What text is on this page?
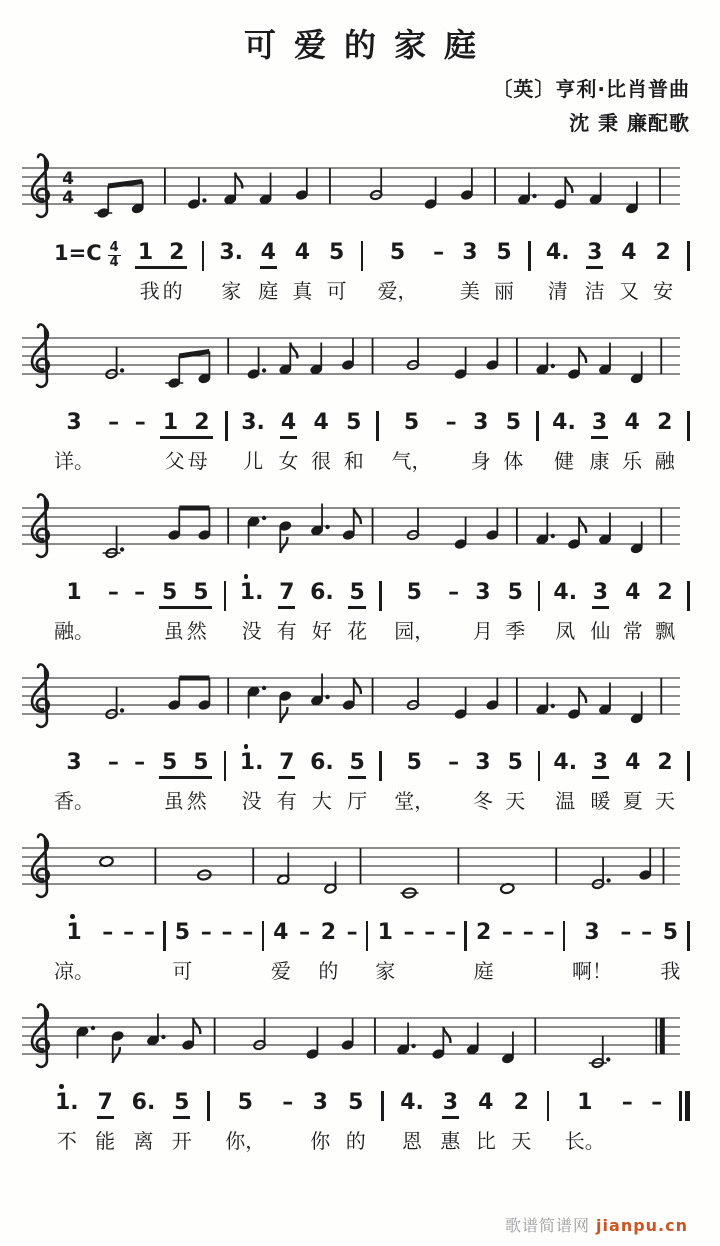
可爱的家庭
〔英〕亨利·比肖普曲
沈 秉 廉配歌
4
4
1=C 4
4
1 2
我 的
3.
家
4
庭
4
真
5
可
5
爱，
–
3
美
5
丽
4.
清
3
洁
4
又
2
安
3
详。
–
–
1 2
父 母
3.
儿
4
女
4
很
5
和
5
气，
–
3
身
5
体
4.
健
3
康
4
乐
2
融
1
融。
–
–
5 5
虽 然
1.
没
7
有
6.
好
5
花
5
园，
–
3
月
5
季
4.
凤
3
仙
4
常
2
飘
3
香。
–
–
5 5
虽 然
1.
没
7
有
6.
大
5
厅
5
堂，
–
3
冬
5
天
4.
温
3
暖
4
夏
2
天
1
凉。
–
–
–
5
可
–
–
–
4
爱
–
2
的
–
1
家
–
–
–
2
庭
–
–
–
3
啊！
–
–
5
我
1.
不
7
能
6.
离
5
开
5
你，
–
3
你
5
的
4.
恩
3
惠
4
比
2
天
1
长。
–
–

歌谱简谱网 jianpu.cn
